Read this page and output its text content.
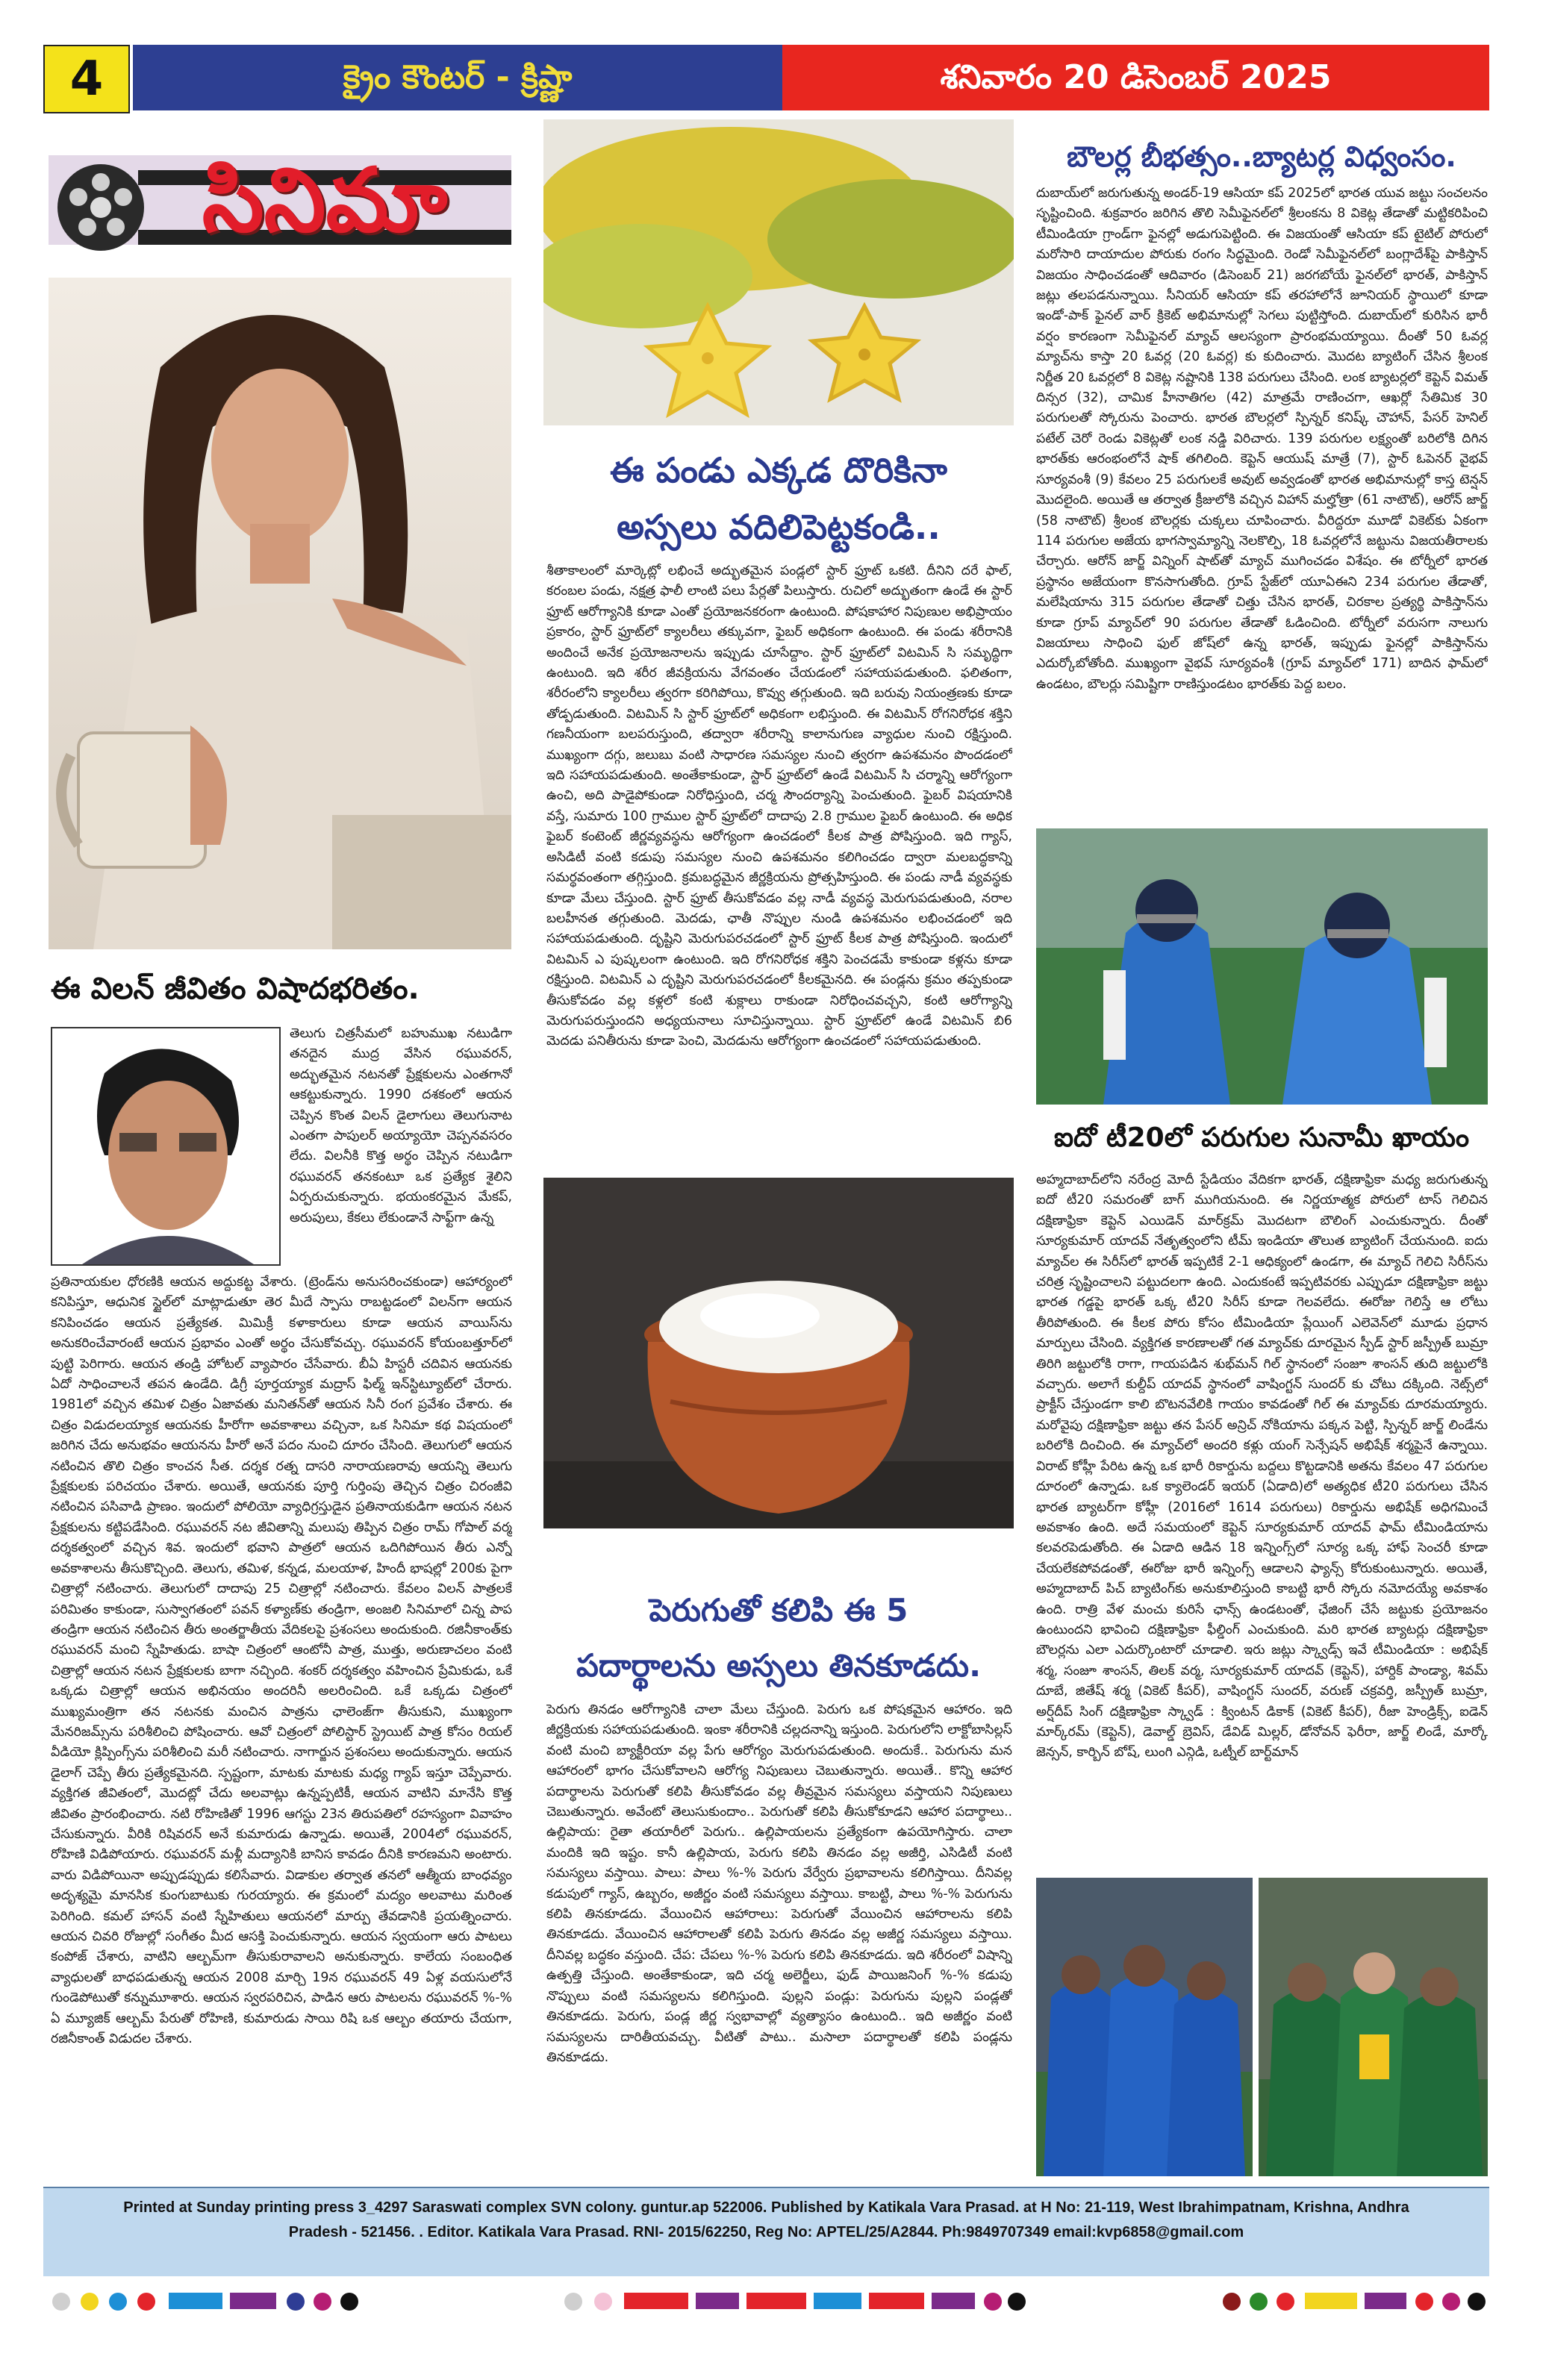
4	క్రైం కౌంటర్ - క్రిష్ణా	శనివారం 20 డిసెంబర్ 2025
సినిమా
ఈ విలన్ జీవితం విషాదభరితం.
తెలుగు చిత్రసీమలో బహుముఖ నటుడిగా తనదైన ముద్ర వేసిన రఘువరన్, అద్భుతమైన నటనతో ప్రేక్షకులను ఎంతగానో ఆకట్టుకున్నారు. 1990 దశకంలో ఆయన చెప్పిన కొంత విలన్ డైలాగులు తెలుగునాట ఎంతగా పాపులర్ అయ్యాయో చెప్పనవసరం లేదు. విలనీకి కొత్త అర్థం చెప్పిన నటుడిగా రఘువరన్ తనకంటూ ఒక ప్రత్యేక శైలిని ఏర్పరుచుకున్నారు. భయంకరమైన మేకప్, అరుపులు, కేకలు లేకుండానే సాఫ్ట్‌గా ఉన్న
ప్రతినాయకుల ధోరణికి ఆయన అద్దుకట్ట వేశారు. (ట్రెండ్‌ను అనుసరించకుండా) ఆహార్యంలో కనిపిస్తూ, ఆధునిక స్టైల్‌లో మాట్లాడుతూ తెర మీదే స్పాసు రాబట్టడంలో విలన్‌గా ఆయన కనిపించడం ఆయన ప్రత్యేకత. మిమిక్రీ కళాకారులు కూడా ఆయన వాయిస్‌ను అనుకరించేవారంటే ఆయన ప్రభావం ఎంతో అర్థం చేసుకోవచ్చు. రఘువరన్ కోయంబత్తూర్‌లో పుట్టి పెరిగారు. ఆయన తండ్రి హోటల్ వ్యాపారం చేసేవారు. బీఏ హిస్టరీ చదివిన ఆయనకు ఏదో సాధించాలనే తపన ఉండేది. డిగ్రీ పూర్తయ్యాక మద్రాస్ ఫిల్మ్ ఇన్‌స్టిట్యూట్‌లో చేరారు. 1981లో వచ్చిన తమిళ చిత్రం ఏజావతు మనితన్‌తో ఆయన సినీ రంగ ప్రవేశం చేశారు. ఈ చిత్రం విడుదలయ్యాక ఆయనకు హీరోగా అవకాశాలు వచ్చినా, ఒక సినిమా కథ విషయంలో జరిగిన చేదు అనుభవం ఆయనను హీరో అనే పదం నుంచి దూరం చేసింది. తెలుగులో ఆయన నటించిన తొలి చిత్రం కాంచన సీత. దర్శక రత్న దాసరి నారాయణరావు ఆయన్ని తెలుగు ప్రేక్షకులకు పరిచయం చేశారు. అయితే, ఆయనకు పూర్తి గుర్తింపు తెచ్చిన చిత్రం చిరంజీవి నటించిన పసివాడి ప్రాణం. ఇందులో పోలియో వ్యాధిగ్రస్తుడైన ప్రతినాయకుడిగా ఆయన నటన ప్రేక్షకులను కట్టిపడేసింది. రఘువరన్ నట జీవితాన్ని మలుపు తిప్పిన చిత్రం రామ్ గోపాల్ వర్మ దర్శకత్వంలో వచ్చిన శివ. ఇందులో భవాని పాత్రలో ఆయన ఒదిగిపోయిన తీరు ఎన్నో అవకాశాలను తీసుకొచ్చింది. తెలుగు, తమిళ, కన్నడ, మలయాళ, హిందీ భాషల్లో 200కు పైగా చిత్రాల్లో నటించారు. తెలుగులో దాదాపు 25 చిత్రాల్లో నటించారు. కేవలం విలన్ పాత్రలకే పరిమితం కాకుండా, సుస్వాగతంలో పవన్ కళ్యాణ్‌కు తండ్రిగా, అంజలి సినిమాలో చిన్న పాప తండ్రిగా ఆయన నటించిన తీరు అంతర్జాతీయ వేదికలపై ప్రశంసలు అందుకుంది. రజినీకాంత్‌కు రఘువరన్ మంచి స్నేహితుడు. బాషా చిత్రంలో ఆంటోనీ పాత్ర, ముత్తు, అరుణాచలం వంటి చిత్రాల్లో ఆయన నటన ప్రేక్షకులకు బాగా నచ్చింది. శంకర్ దర్శకత్వం వహించిన ప్రేమికుడు, ఒకే ఒక్కడు చిత్రాల్లో ఆయన అభినయం అందరినీ అలరించింది. ఒకే ఒక్కడు చిత్రంలో ముఖ్యమంత్రిగా తన నటనకు మంచిన పాత్రను ఛాలెంజ్‌గా తీసుకుని, ముఖ్యంగా మేనరిజమ్స్‌ను పరిశీలించి పోషించారు. ఆవో చిత్రంలో పోలిస్టార్ స్ట్రెయిట్ పాత్ర కోసం రియల్ వీడియో క్లిప్పింగ్స్‌ను పరిశీలించి మరీ నటించారు. నాగార్జున ప్రశంసలు అందుకున్నారు. ఆయన డైలాగ్ చెప్పే తీరు ప్రత్యేకమైనది. స్పష్టంగా, మాటకు మాటకు మధ్య గ్యాప్ ఇస్తూ చెప్పేవారు. వ్యక్తిగత జీవితంలో, మొదట్లో చేదు అలవాట్లు ఉన్నప్పటికీ, ఆయన వాటిని మానేసి కొత్త జీవితం ప్రారంభించారు. నటి రోహిణితో 1996 ఆగస్టు 23న తిరుపతిలో రహస్యంగా వివాహం చేసుకున్నారు. వీరికి రిషివరన్ అనే కుమారుడు ఉన్నాడు. అయితే, 2004లో రఘువరన్, రోహిణి విడిపోయారు. రఘువరన్ మళ్లీ మద్యానికి బానిస కావడం దీనికి కారణమని అంటారు. వారు విడిపోయినా అప్పుడప్పుడు కలిసేవారు. విడాకుల తర్వాత తనలో ఆత్మీయ బాంధవ్యం అదృశ్యమై మానసిక కుంగుబాటుకు గురయ్యారు. ఈ క్రమంలో మద్యం అలవాటు మరింత పెరిగింది. కమల్ హాసన్ వంటి స్నేహితులు ఆయనలో మార్పు తేవడానికి ప్రయత్నించారు. ఆయన చివరి రోజుల్లో సంగీతం మీద ఆసక్తి పెంచుకున్నారు. ఆయన స్వయంగా ఆరు పాటలు కంపోజ్ చేశారు, వాటిని ఆల్బమ్‌గా తీసుకురావాలని అనుకున్నారు. కాలేయ సంబంధిత వ్యాధులతో బాధపడుతున్న ఆయన 2008 మార్చి 19న రఘువరన్ 49 ఏళ్ల వయసులోనే గుండెపోటుతో కన్నుమూశారు. ఆయన స్వరపరిచిన, పాడిన ఆరు పాటలను రఘువరన్ %-% ఏ మ్యూజిక్ ఆల్బమ్ పేరుతో రోహిణి, కుమారుడు సాయి రిషి ఒక ఆల్బం తయారు చేయగా, రజినీకాంత్ విడుదల చేశారు.
ఈ పండు ఎక్కడ దొరికినా
అస్సలు వదిలిపెట్టకండి..
శీతాకాలంలో మార్కెట్లో లభించే అద్భుతమైన పండ్లలో స్టార్ ఫ్రూట్ ఒకటి. దీనిని దరే ఫాల్, కరంబల పండు, నక్షత్ర ఫాలీ లాంటి పలు పేర్లతో పిలుస్తారు. రుచిలో అద్భుతంగా ఉండే ఈ స్టార్ ఫ్రూట్ ఆరోగ్యానికి కూడా ఎంతో ప్రయోజనకరంగా ఉంటుంది. పోషకాహార నిపుణుల అభిప్రాయం ప్రకారం, స్టార్ ఫ్రూట్‌లో క్యాలరీలు తక్కువగా, ఫైబర్ అధికంగా ఉంటుంది. ఈ పండు శరీరానికి అందించే అనేక ప్రయోజనాలను ఇప్పుడు చూసేద్దాం. స్టార్ ఫ్రూట్‌లో విటమిన్ సి సమృద్ధిగా ఉంటుంది. ఇది శరీర జీవక్రియను వేగవంతం చేయడంలో సహాయపడుతుంది. ఫలితంగా, శరీరంలోని క్యాలరీలు త్వరగా కరిగిపోయి, కొవ్వు తగ్గుతుంది. ఇది బరువు నియంత్రణకు కూడా తోడ్పడుతుంది. విటమిన్ సి స్టార్ ఫ్రూట్‌లో అధికంగా లభిస్తుంది. ఈ విటమిన్ రోగనిరోధక శక్తిని గణనీయంగా బలపరుస్తుంది, తద్వారా శరీరాన్ని కాలానుగుణ వ్యాధుల నుంచి రక్షిస్తుంది. ముఖ్యంగా దగ్గు, జలుబు వంటి సాధారణ సమస్యల నుంచి త్వరగా ఉపశమనం పొందడంలో ఇది సహాయపడుతుంది. అంతేకాకుండా, స్టార్ ఫ్రూట్‌లో ఉండే విటమిన్ సి చర్మాన్ని ఆరోగ్యంగా ఉంచి, అది పాడైపోకుండా నిరోధిస్తుంది, చర్మ సౌందర్యాన్ని పెంచుతుంది. ఫైబర్ విషయానికి వస్తే, సుమారు 100 గ్రాముల స్టార్ ఫ్రూట్‌లో దాదాపు 2.8 గ్రాముల ఫైబర్ ఉంటుంది. ఈ అధిక ఫైబర్ కంటెంట్ జీర్ణవ్యవస్థను ఆరోగ్యంగా ఉంచడంలో కీలక పాత్ర పోషిస్తుంది. ఇది గ్యాస్, అసిడిటీ వంటి కడుపు సమస్యల నుంచి ఉపశమనం కలిగించడం ద్వారా మలబద్ధకాన్ని సమర్థవంతంగా తగ్గిస్తుంది. క్రమబద్ధమైన జీర్ణక్రియను ప్రోత్సహిస్తుంది. ఈ పండు నాడీ వ్యవస్థకు కూడా మేలు చేస్తుంది. స్టార్ ఫ్రూట్ తీసుకోవడం వల్ల నాడీ వ్యవస్థ మెరుగుపడుతుంది, నరాల బలహీనత తగ్గుతుంది. మెదడు, ఛాతీ నొప్పుల నుండి ఉపశమనం లభించడంలో ఇది సహాయపడుతుంది. దృష్టిని మెరుగుపరచడంలో స్టార్ ఫ్రూట్ కీలక పాత్ర పోషిస్తుంది. ఇందులో విటమిన్ ఎ పుష్కలంగా ఉంటుంది. ఇది రోగనిరోధక శక్తిని పెంచడమే కాకుండా కళ్లను కూడా రక్షిస్తుంది. విటమిన్ ఎ దృష్టిని మెరుగుపరచడంలో కీలకమైనది. ఈ పండ్లను క్రమం తప్పకుండా తీసుకోవడం వల్ల కళ్లలో కంటి శుక్లాలు రాకుండా నిరోధించవచ్చని, కంటి ఆరోగ్యాన్ని మెరుగుపరుస్తుందని అధ్యయనాలు సూచిస్తున్నాయి. స్టార్ ఫ్రూట్‌లో ఉండే విటమిన్ బి6 మెదడు పనితీరును కూడా పెంచి, మెదడును ఆరోగ్యంగా ఉంచడంలో సహాయపడుతుంది.
పెరుగుతో కలిపి ఈ 5
పదార్థాలను అస్సలు తినకూడదు.
పెరుగు తినడం ఆరోగ్యానికి చాలా మేలు చేస్తుంది. పెరుగు ఒక పోషకమైన ఆహారం. ఇది జీర్ణక్రియకు సహాయపడుతుంది. ఇంకా శరీరానికి చల్లదనాన్ని ఇస్తుంది. పెరుగులోని లాక్టోబాసిల్లస్ వంటి మంచి బ్యాక్టీరియా వల్ల పేగు ఆరోగ్యం మెరుగుపడుతుంది. అందుకే.. పెరుగును మన ఆహారంలో భాగం చేసుకోవాలని ఆరోగ్య నిపుణులు చెబుతున్నారు. అయితే.. కొన్ని ఆహార పదార్థాలను పెరుగుతో కలిపి తీసుకోవడం వల్ల తీవ్రమైన సమస్యలు వస్తాయని నిపుణులు చెబుతున్నారు. అవేంటో తెలుసుకుందాం.. పెరుగుతో కలిపి తీసుకోకూడని ఆహార పదార్థాలు.. ఉల్లిపాయ: రైతా తయారీలో పెరుగు.. ఉల్లిపాయలను ప్రత్యేకంగా ఉపయోగిస్తారు. చాలా మందికి ఇది ఇష్టం. కానీ ఉల్లిపాయ, పెరుగు కలిపి తినడం వల్ల అజీర్తి, ఎసిడిటీ వంటి సమస్యలు వస్తాయి. పాలు: పాలు %-% పెరుగు వేర్వేరు ప్రభావాలను కలిగిస్తాయి. దీనివల్ల కడుపులో గ్యాస్, ఉబ్బరం, అజీర్ణం వంటి సమస్యలు వస్తాయి. కాబట్టి, పాలు %-% పెరుగును కలిపి తినకూడదు. వేయించిన ఆహారాలు: పెరుగుతో వేయించిన ఆహారాలను కలిపి తినకూడదు. వేయించిన ఆహారాలతో కలిపి పెరుగు తినడం వల్ల అజీర్ణ సమస్యలు వస్తాయి. దీనివల్ల బద్ధకం వస్తుంది. చేప: చేపలు %-% పెరుగు కలిపి తినకూడదు. ఇది శరీరంలో విషాన్ని ఉత్పత్తి చేస్తుంది. అంతేకాకుండా, ఇది చర్మ అలెర్జీలు, ఫుడ్ పాయిజనింగ్ %-% కడుపు నొప్పులు వంటి సమస్యలను కలిగిస్తుంది. పుల్లని పండ్లు: పెరుగును పుల్లని పండ్లతో తినకూడదు. పెరుగు, పండ్ల జీర్ణ స్వభావాల్లో వ్యత్యాసం ఉంటుంది.. ఇది అజీర్ణం వంటి సమస్యలను దారితీయవచ్చు. వీటితో పాటు.. మసాలా పదార్థాలతో కలిపి పండ్లను తినకూడదు.
బౌలర్ల బీభత్సం..బ్యాటర్ల విధ్వంసం.
దుబాయ్‌లో జరుగుతున్న అండర్-19 ఆసియా కప్ 2025లో భారత యువ జట్టు సంచలనం సృష్టించింది. శుక్రవారం జరిగిన తొలి సెమీఫైనల్‌లో శ్రీలంకను 8 వికెట్ల తేడాతో మట్టికరిపించి టీమిండియా గ్రాండ్‌గా ఫైనల్లో అడుగుపెట్టింది. ఈ విజయంతో ఆసియా కప్ టైటిల్ పోరులో మరోసారి దాయాదుల పోరుకు రంగం సిద్ధమైంది. రెండో సెమీఫైనల్‌లో బంగ్లాదేశ్‌పై పాకిస్తాన్ విజయం సాధించడంతో ఆదివారం (డిసెంబర్ 21) జరగబోయే ఫైనల్‌లో భారత్, పాకిస్తాన్ జట్లు తలపడనున్నాయి. సీనియర్ ఆసియా కప్ తరహాలోనే జూనియర్ స్థాయిలో కూడా ఇండో-పాక్ ఫైనల్ వార్ క్రికెట్ అభిమానుల్లో సెగలు పుట్టిస్తోంది. దుబాయ్‌లో కురిసిన భారీ వర్షం కారణంగా సెమీఫైనల్ మ్యాచ్ ఆలస్యంగా ప్రారంభమయ్యాయి. దీంతో 50 ఓవర్ల మ్యాచ్‌ను కాస్తా 20 ఓవర్ల (20 ఓవర్ల) కు కుదించారు. మొదట బ్యాటింగ్ చేసిన శ్రీలంక నిర్ణీత 20 ఓవర్లలో 8 వికెట్ల నష్టానికి 138 పరుగులు చేసింది. లంక బ్యాటర్లలో కెప్టెన్ విమత్ దిన్సర (32), చామిక హీనాతిగల (42) మాత్రమే రాణించగా, ఆఖర్లో సేతిమిక 30 పరుగులతో స్కోరును పెంచారు. భారత బౌలర్లలో స్పిన్నర్ కనిష్క్ చౌహాన్, పేసర్ హెనిల్ పటేల్ చెరో రెండు వికెట్లతో లంక నడ్డి విరిచారు. 139 పరుగుల లక్ష్యంతో బరిలోకి దిగిన భారత్‌కు ఆరంభంలోనే షాక్ తగిలింది. కెప్టెన్ ఆయుష్ మాత్రే (7), స్టార్ ఓపెనర్ వైభవ్ సూర్యవంశీ (9) కేవలం 25 పరుగులకే అవుట్ అవ్వడంతో భారత అభిమానుల్లో కాస్త టెన్షన్ మొదలైంది. అయితే ఆ తర్వాత క్రీజులోకి వచ్చిన విహాన్ మల్హోత్రా (61 నాటౌట్), ఆరోన్ జార్జ్ (58 నాటౌట్) శ్రీలంక బౌలర్లకు చుక్కలు చూపించారు. వీరిద్దరూ మూడో వికెట్‌కు ఏకంగా 114 పరుగుల అజేయ భాగస్వామ్యాన్ని నెలకొల్పి, 18 ఓవర్లలోనే జట్టును విజయతీరాలకు చేర్చారు. ఆరోన్ జార్జ్ విన్నింగ్ షాట్‌తో మ్యాచ్ ముగించడం విశేషం. ఈ టోర్నీలో భారత ప్రస్థానం అజేయంగా కొనసాగుతోంది. గ్రూప్ స్టేజ్‌లో యూఏఈని 234 పరుగుల తేడాతో, మలేషియాను 315 పరుగుల తేడాతో చిత్తు చేసిన భారత్, చిరకాల ప్రత్యర్థి పాకిస్తాన్‌ను కూడా గ్రూప్ మ్యాచ్‌లో 90 పరుగుల తేడాతో ఓడించింది. టోర్నీలో వరుసగా నాలుగు విజయాలు సాధించి ఫుల్ జోష్‌లో ఉన్న భారత్, ఇప్పుడు ఫైనల్లో పాకిస్తాన్‌ను ఎదుర్కోబోతోంది. ముఖ్యంగా వైభవ్ సూర్యవంశీ (గ్రూప్ మ్యాచ్‌లో 171) బాదిన ఫామ్‌లో ఉండటం, బౌలర్లు సమిష్టిగా రాణిస్తుండటం భారత్‌కు పెద్ద బలం.
ఐదో టీ20లో పరుగుల సునామీ ఖాయం
అహ్మదాబాద్‌లోని నరేంద్ర మోదీ స్టేడియం వేదికగా భారత్, దక్షిణాఫ్రికా మధ్య జరుగుతున్న ఐదో టీ20 సమరంతో బాగ్ ముగియనుంది. ఈ నిర్ణయాత్మక పోరులో టాస్ గెలిచిన దక్షిణాఫ్రికా కెప్టెన్ ఎయిడెన్ మార్‌క్రమ్ మొదటగా బౌలింగ్ ఎంచుకున్నారు. దీంతో సూర్యకుమార్ యాదవ్ నేతృత్వంలోని టీమ్ ఇండియా తొలుత బ్యాటింగ్ చేయనుంది. ఐదు మ్యాచ్‌ల ఈ సిరీస్‌లో భారత్ ఇప్పటికే 2-1 ఆధిక్యంలో ఉండగా, ఈ మ్యాచ్ గెలిచి సిరీస్‌ను చరిత్ర సృష్టించాలని పట్టుదలగా ఉంది. ఎందుకంటే ఇప్పటివరకు ఎప్పుడూ దక్షిణాఫ్రికా జట్టు భారత గడ్డపై భారత్ ఒక్క టీ20 సిరీస్ కూడా గెలవలేదు. ఈరోజు గెలిస్తే ఆ లోటు తీరిపోతుంది. ఈ కీలక పోరు కోసం టీమిండియా ప్లేయింగ్ ఎలెవెన్‌లో మూడు ప్రధాన మార్పులు చేసింది. వ్యక్తిగత కారణాలతో గత మ్యాచ్‌కు దూరమైన స్పీడ్ స్టార్ జస్ప్రీత్ బుమ్రా తిరిగి జట్టులోకి రాగా, గాయపడిన శుభ్‌మన్ గిల్ స్థానంలో సంజూ శాంసన్ తుది జట్టులోకి వచ్చారు. అలాగే కుల్దీప్ యాదవ్ స్థానంలో వాషింగ్టన్ సుందర్ కు చోటు దక్కింది. నెట్స్‌లో ప్రాక్టీస్ చేస్తుండగా కాలి బొటనవేలికి గాయం కావడంతో గిల్ ఈ మ్యాచ్‌కు దూరమయ్యారు. మరోవైపు దక్షిణాఫ్రికా జట్టు తన పేసర్ అన్రిచ్ నోకియాను పక్కన పెట్టి, స్పిన్నర్ జార్జ్ లిండేను బరిలోకి దించింది. ఈ మ్యాచ్‌లో అందరి కళ్లు యంగ్ సెన్సేషన్ అభిషేక్ శర్మపైనే ఉన్నాయి. విరాట్ కోహ్లీ పేరిట ఉన్న ఒక భారీ రికార్డును బద్దలు కొట్టడానికి అతను కేవలం 47 పరుగుల దూరంలో ఉన్నాడు. ఒక క్యాలెండర్ ఇయర్ (ఏడాది)లో అత్యధిక టీ20 పరుగులు చేసిన భారత బ్యాటర్‌గా కోహ్లీ (2016లో 1614 పరుగులు) రికార్డును అభిషేక్ అధిగమించే అవకాశం ఉంది. అదే సమయంలో కెప్టెన్ సూర్యకుమార్ యాదవ్ ఫామ్ టీమిండియాను కలవరపెడుతోంది. ఈ ఏడాది ఆడిన 18 ఇన్నింగ్స్‌లో సూర్య ఒక్క హాఫ్ సెంచరీ కూడా చేయలేకపోవడంతో, ఈరోజు భారీ ఇన్నింగ్స్ ఆడాలని ఫ్యాన్స్ కోరుకుంటున్నారు. అయితే, అహ్మదాబాద్ పిచ్ బ్యాటింగ్‌కు అనుకూలిస్తుంది కాబట్టి భారీ స్కోరు నమోదయ్యే అవకాశం ఉంది. రాత్రి వేళ మంచు కురిసే ఛాన్స్ ఉండటంతో, ఛేజింగ్ చేసే జట్టుకు ప్రయోజనం ఉంటుందని భావించి దక్షిణాఫ్రికా ఫీల్డింగ్ ఎంచుకుంది. మరి భారత బ్యాటర్లు దక్షిణాఫ్రికా బౌలర్లను ఎలా ఎదుర్కొంటారో చూడాలి. ఇరు జట్లు స్క్వాడ్స్ ఇవే టీమిండియా : అభిషేక్ శర్మ, సంజూ శాంసన్, తిలక్ వర్మ, సూర్యకుమార్ యాదవ్ (కెప్టెన్), హార్దిక్ పాండ్యా, శివమ్ దూబే, జితేష్ శర్మ (వికెట్ కీపర్), వాషింగ్టన్ సుందర్, వరుణ్ చక్రవర్తి, జస్ప్రీత్ బుమ్రా, అర్ష్‌దీప్ సింగ్ దక్షిణాఫ్రికా స్క్వాడ్ : క్వింటన్ డికాక్ (వికెట్ కీపర్), రీజా హెండ్రిక్స్, ఐడెన్ మార్క్‌రమ్ (కెప్టెన్), డెవాల్డ్ బ్రెవిస్, డేవిడ్ మిల్లర్, డోనోవన్ ఫెరీరా, జార్జ్ లిండే, మార్కో జెన్సన్, కార్బిన్ బోష్, లుంగి ఎన్గిడి, ఒట్నీల్ బార్ట్‌మాన్
Printed at Sunday printing press 3_4297 Saraswati complex SVN colony. guntur.ap 522006. Published by Katikala Vara Prasad. at H No: 21-119, West Ibrahimpatnam, Krishna, Andhra
Pradesh - 521456. . Editor. Katikala Vara Prasad. RNI- 2015/62250, Reg No: APTEL/25/A2844. Ph:9849707349 email:kvp6858@gmail.com
